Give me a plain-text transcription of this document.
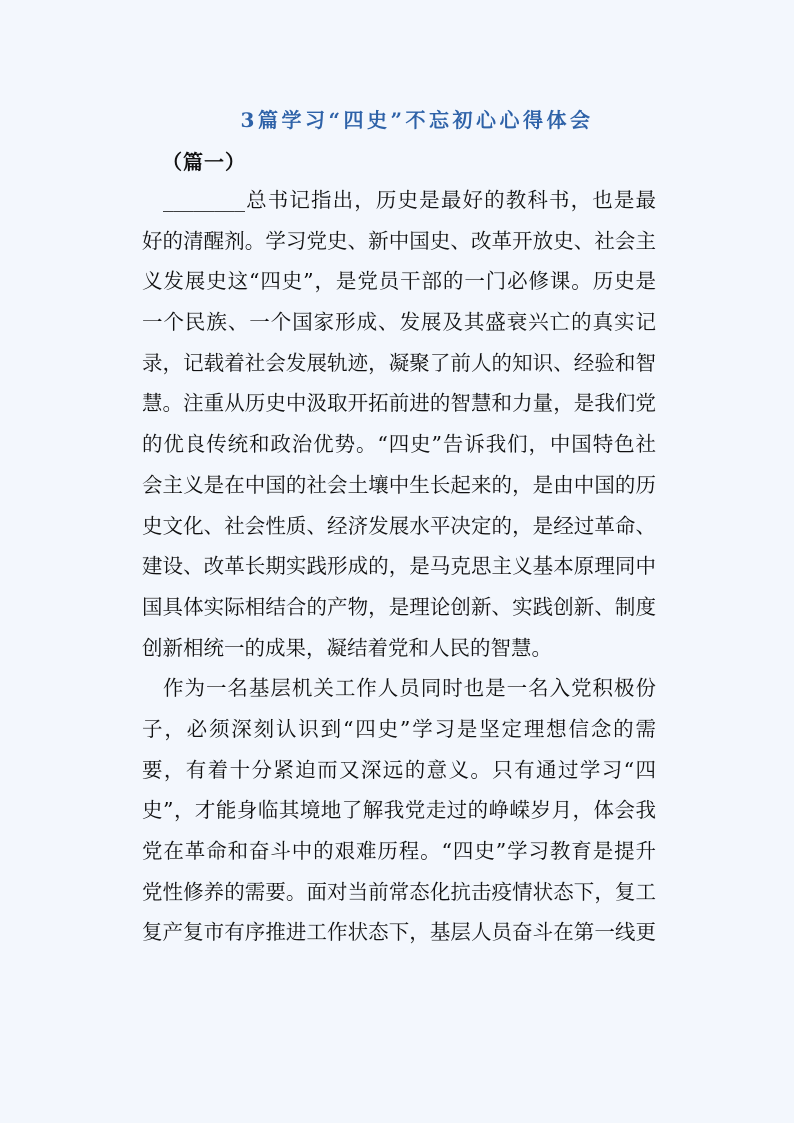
3篇学习“四史”不忘初心心得体会
（篇一）
________总书记指出，历史是最好的教科书，也是最
好的清醒剂。学习党史、新中国史、改革开放史、社会主
义发展史这“四史”，是党员干部的一门必修课。历史是
一个民族、一个国家形成、发展及其盛衰兴亡的真实记
录，记载着社会发展轨迹，凝聚了前人的知识、经验和智
慧。注重从历史中汲取开拓前进的智慧和力量，是我们党
的优良传统和政治优势。“四史”告诉我们，中国特色社
会主义是在中国的社会土壤中生长起来的，是由中国的历
史文化、社会性质、经济发展水平决定的，是经过革命、
建设、改革长期实践形成的，是马克思主义基本原理同中
国具体实际相结合的产物，是理论创新、实践创新、制度
创新相统一的成果，凝结着党和人民的智慧。
作为一名基层机关工作人员同时也是一名入党积极份
子，必须深刻认识到“四史”学习是坚定理想信念的需
要，有着十分紧迫而又深远的意义。只有通过学习“四
史”，才能身临其境地了解我党走过的峥嵘岁月，体会我
党在革命和奋斗中的艰难历程。“四史”学习教育是提升
党性修养的需要。面对当前常态化抗击疫情状态下，复工
复产复市有序推进工作状态下，基层人员奋斗在第一线更
